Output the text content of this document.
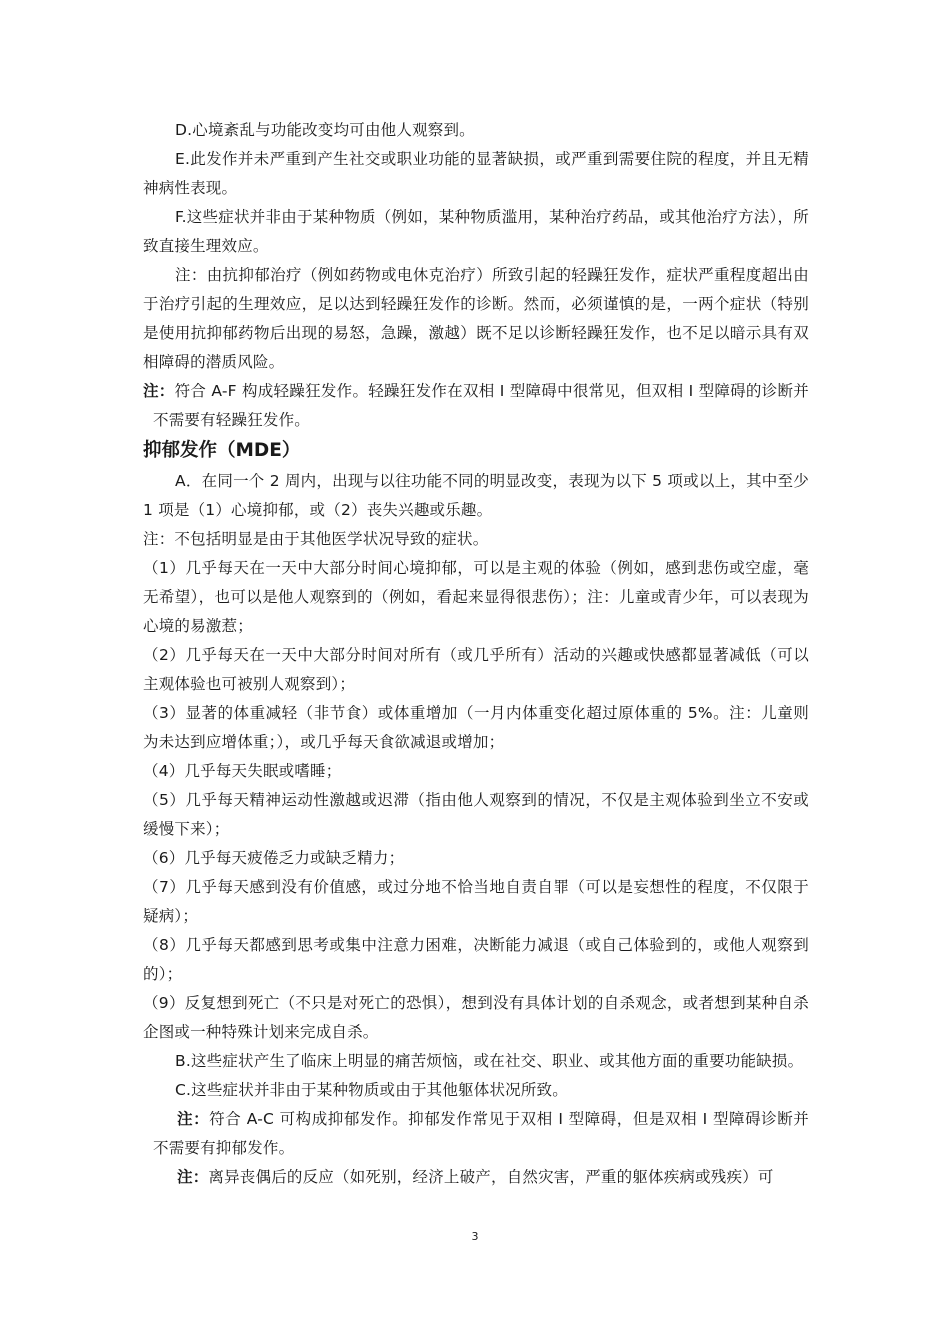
D.心境紊乱与功能改变均可由他人观察到。

E.此发作并未严重到产生社交或职业功能的显著缺损，或严重到需要住院的程度，并且无精神病性表现。

F.这些症状并非由于某种物质（例如，某种物质滥用，某种治疗药品，或其他治疗方法），所致直接生理效应。

注：由抗抑郁治疗（例如药物或电休克治疗）所致引起的轻躁狂发作，症状严重程度超出由于治疗引起的生理效应，足以达到轻躁狂发作的诊断。然而，必须谨慎的是，一两个症状（特别是使用抗抑郁药物后出现的易怒，急躁，激越）既不足以诊断轻躁狂发作，也不足以暗示具有双相障碍的潜质风险。

注：符合 A-F 构成轻躁狂发作。轻躁狂发作在双相 I 型障碍中很常见，但双相 I 型障碍的诊断并不需要有轻躁狂发作。

抑郁发作（MDE）

A．在同一个 2 周内，出现与以往功能不同的明显改变，表现为以下 5 项或以上，其中至少 1 项是（1）心境抑郁，或（2）丧失兴趣或乐趣。

注：不包括明显是由于其他医学状况导致的症状。

（1）几乎每天在一天中大部分时间心境抑郁，可以是主观的体验（例如，感到悲伤或空虚，毫无希望），也可以是他人观察到的（例如，看起来显得很悲伤）；注：儿童或青少年，可以表现为心境的易激惹；

（2）几乎每天在一天中大部分时间对所有（或几乎所有）活动的兴趣或快感都显著减低（可以主观体验也可被别人观察到）；

（3）显著的体重减轻（非节食）或体重增加（一月内体重变化超过原体重的 5%。注：儿童则为未达到应增体重；），或几乎每天食欲减退或增加；

（4）几乎每天失眠或嗜睡；

（5）几乎每天精神运动性激越或迟滞（指由他人观察到的情况，不仅是主观体验到坐立不安或缓慢下来）；

（6）几乎每天疲倦乏力或缺乏精力；

（7）几乎每天感到没有价值感，或过分地不恰当地自责自罪（可以是妄想性的程度，不仅限于疑病）；

（8）几乎每天都感到思考或集中注意力困难，决断能力减退（或自己体验到的，或他人观察到的）；

（9）反复想到死亡（不只是对死亡的恐惧），想到没有具体计划的自杀观念，或者想到某种自杀企图或一种特殊计划来完成自杀。

B.这些症状产生了临床上明显的痛苦烦恼，或在社交、职业、或其他方面的重要功能缺损。

C.这些症状并非由于某种物质或由于其他躯体状况所致。

注：符合 A-C 可构成抑郁发作。抑郁发作常见于双相 I 型障碍，但是双相 I 型障碍诊断并不需要有抑郁发作。

注：离异丧偶后的反应（如死别，经济上破产，自然灾害，严重的躯体疾病或残疾）可

3
